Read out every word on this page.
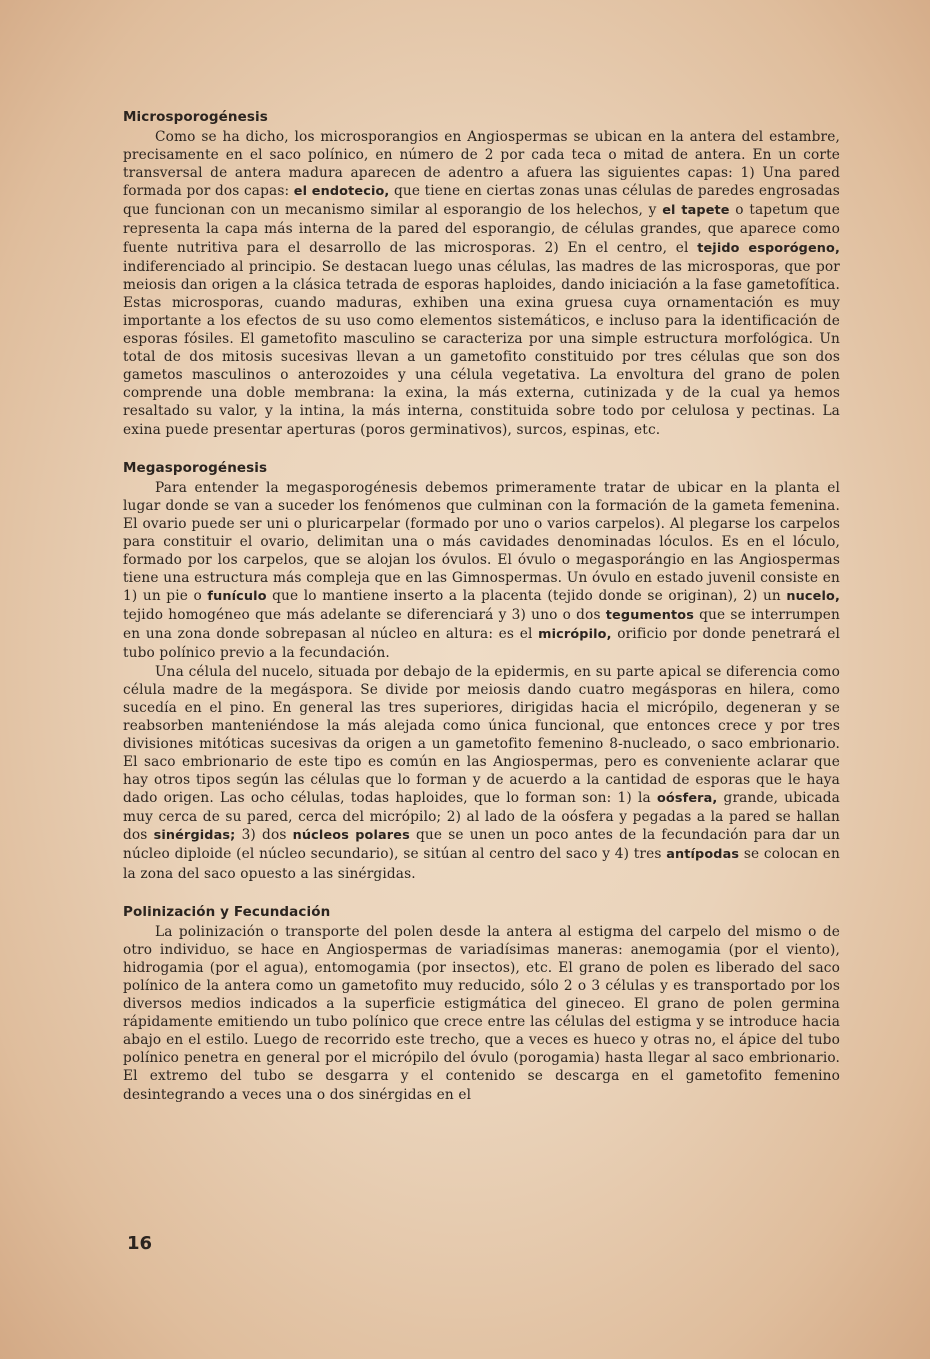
Microsporogénesis

Como se ha dicho, los microsporangios en Angiospermas se ubican en la antera del estambre, precisamente en el saco polínico, en número de 2 por cada teca o mitad de antera. En un corte transversal de antera madura aparecen de adentro a afuera las siguientes capas: 1) Una pared formada por dos capas: el endotecio, que tiene en ciertas zonas unas células de paredes engrosadas que funcionan con un mecanismo similar al esporangio de los helechos, y el tapete o tapetum que representa la capa más interna de la pared del esporangio, de células grandes, que aparece como fuente nutritiva para el desarrollo de las microsporas. 2) En el centro, el tejido esporógeno, indiferenciado al principio. Se destacan luego unas células, las madres de las microsporas, que por meiosis dan origen a la clásica tetrada de esporas haploides, dando iniciación a la fase gametofítica. Estas microsporas, cuando maduras, exhiben una exina gruesa cuya ornamentación es muy importante a los efectos de su uso como elementos sistemáticos, e incluso para la identificación de esporas fósiles. El gametofito masculino se caracteriza por una simple estructura morfológica. Un total de dos mitosis sucesivas llevan a un gametofito constituido por tres células que son dos gametos masculinos o anterozoides y una célula vegetativa. La envoltura del grano de polen comprende una doble membrana: la exina, la más externa, cutinizada y de la cual ya hemos resaltado su valor, y la intina, la más interna, constituida sobre todo por celulosa y pectinas. La exina puede presentar aperturas (poros germinativos), surcos, espinas, etc.

Megasporogénesis

Para entender la megasporogénesis debemos primeramente tratar de ubicar en la planta el lugar donde se van a suceder los fenómenos que culminan con la formación de la gameta femenina. El ovario puede ser uni o pluricarpelar (formado por uno o varios carpelos). Al plegarse los carpelos para constituir el ovario, delimitan una o más cavidades denominadas lóculos. Es en el lóculo, formado por los carpelos, que se alojan los óvulos. El óvulo o megasporángio en las Angiospermas tiene una estructura más compleja que en las Gimnospermas. Un óvulo en estado juvenil consiste en 1) un pie o funículo que lo mantiene inserto a la placenta (tejido donde se originan), 2) un nucelo, tejido homogéneo que más adelante se diferenciará y 3) uno o dos tegumentos que se interrumpen en una zona donde sobrepasan al núcleo en altura: es el micrópilo, orificio por donde penetrará el tubo polínico previo a la fecundación.

Una célula del nucelo, situada por debajo de la epidermis, en su parte apical se diferencia como célula madre de la megáspora. Se divide por meiosis dando cuatro megásporas en hilera, como sucedía en el pino. En general las tres superiores, dirigidas hacia el micrópilo, degeneran y se reabsorben manteniéndose la más alejada como única funcional, que entonces crece y por tres divisiones mitóticas sucesivas da origen a un gametofito femenino 8-nucleado, o saco embrionario. El saco embrionario de este tipo es común en las Angiospermas, pero es conveniente aclarar que hay otros tipos según las células que lo forman y de acuerdo a la cantidad de esporas que le haya dado origen. Las ocho células, todas haploides, que lo forman son: 1) la oósfera, grande, ubicada muy cerca de su pared, cerca del micrópilo; 2) al lado de la oósfera y pegadas a la pared se hallan dos sinérgidas; 3) dos núcleos polares que se unen un poco antes de la fecundación para dar un núcleo diploide (el núcleo secundario), se sitúan al centro del saco y 4) tres antípodas se colocan en la zona del saco opuesto a las sinérgidas.

Polinización y Fecundación

La polinización o transporte del polen desde la antera al estigma del carpelo del mismo o de otro individuo, se hace en Angiospermas de variadísimas maneras: anemogamia (por el viento), hidrogamia (por el agua), entomogamia (por insectos), etc. El grano de polen es liberado del saco polínico de la antera como un gametofito muy reducido, sólo 2 o 3 células y es transportado por los diversos medios indicados a la superficie estigmática del gineceo. El grano de polen germina rápidamente emitiendo un tubo polínico que crece entre las células del estigma y se introduce hacia abajo en el estilo. Luego de recorrido este trecho, que a veces es hueco y otras no, el ápice del tubo polínico penetra en general por el micrópilo del óvulo (porogamia) hasta llegar al saco embrionario. El extremo del tubo se desgarra y el contenido se descarga en el gametofito femenino desintegrando a veces una o dos sinérgidas en el

16
